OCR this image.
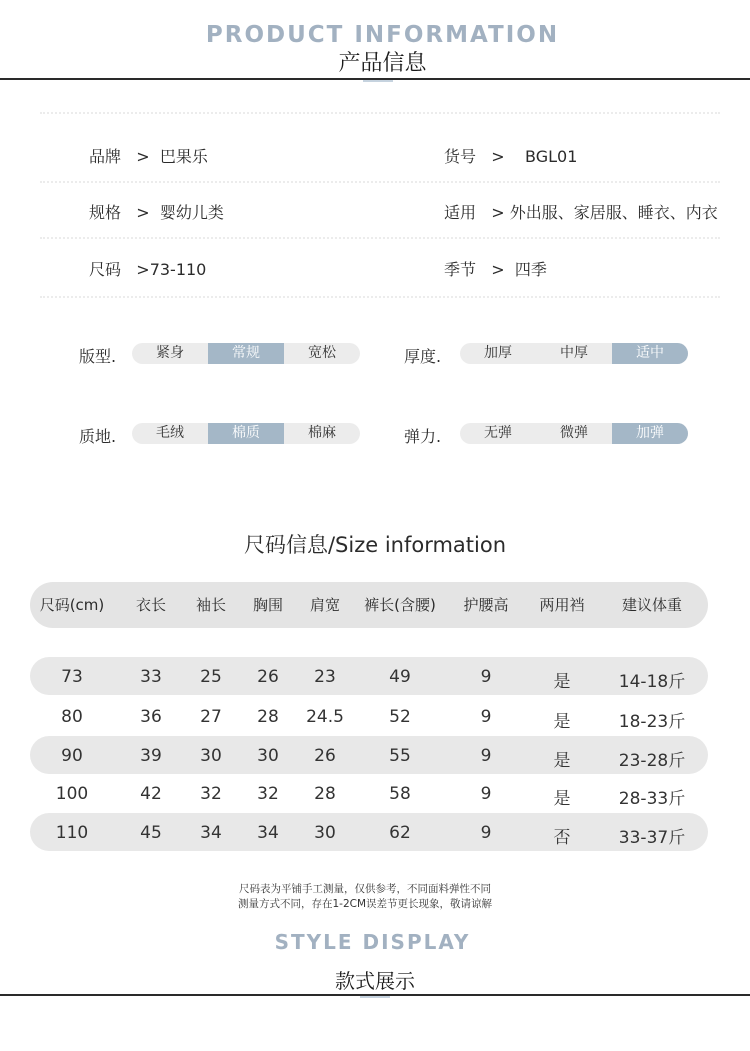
PRODUCT INFORMATION
产品信息
品牌 > 巴果乐	货号 > BGL01
规格 > 婴幼儿类	适用 > 外出服、家居服、睡衣、内衣
尺码 >73-110	季节 > 四季
版型.	紧身	常规	宽松	厚度.	加厚	中厚	适中
质地.	毛绒	棉质	棉麻	弹力.	无弹	微弹	加弹
尺码信息/Size information
尺码(cm)	衣长	袖长	胸围	肩宽	裤长(含腰)	护腰高	两用裆	建议体重
73	33	25	26	23	49	9	是	14-18斤
80	36	27	28	24.5	52	9	是	18-23斤
90	39	30	30	26	55	9	是	23-28斤
100	42	32	32	28	58	9	是	28-33斤
110	45	34	34	30	62	9	否	33-37斤
尺码表为平铺手工测量，仅供参考，不同面料弹性不同
测量方式不同，存在1-2CM误差节更长现象，敬请谅解
STYLE DISPLAY
款式展示
